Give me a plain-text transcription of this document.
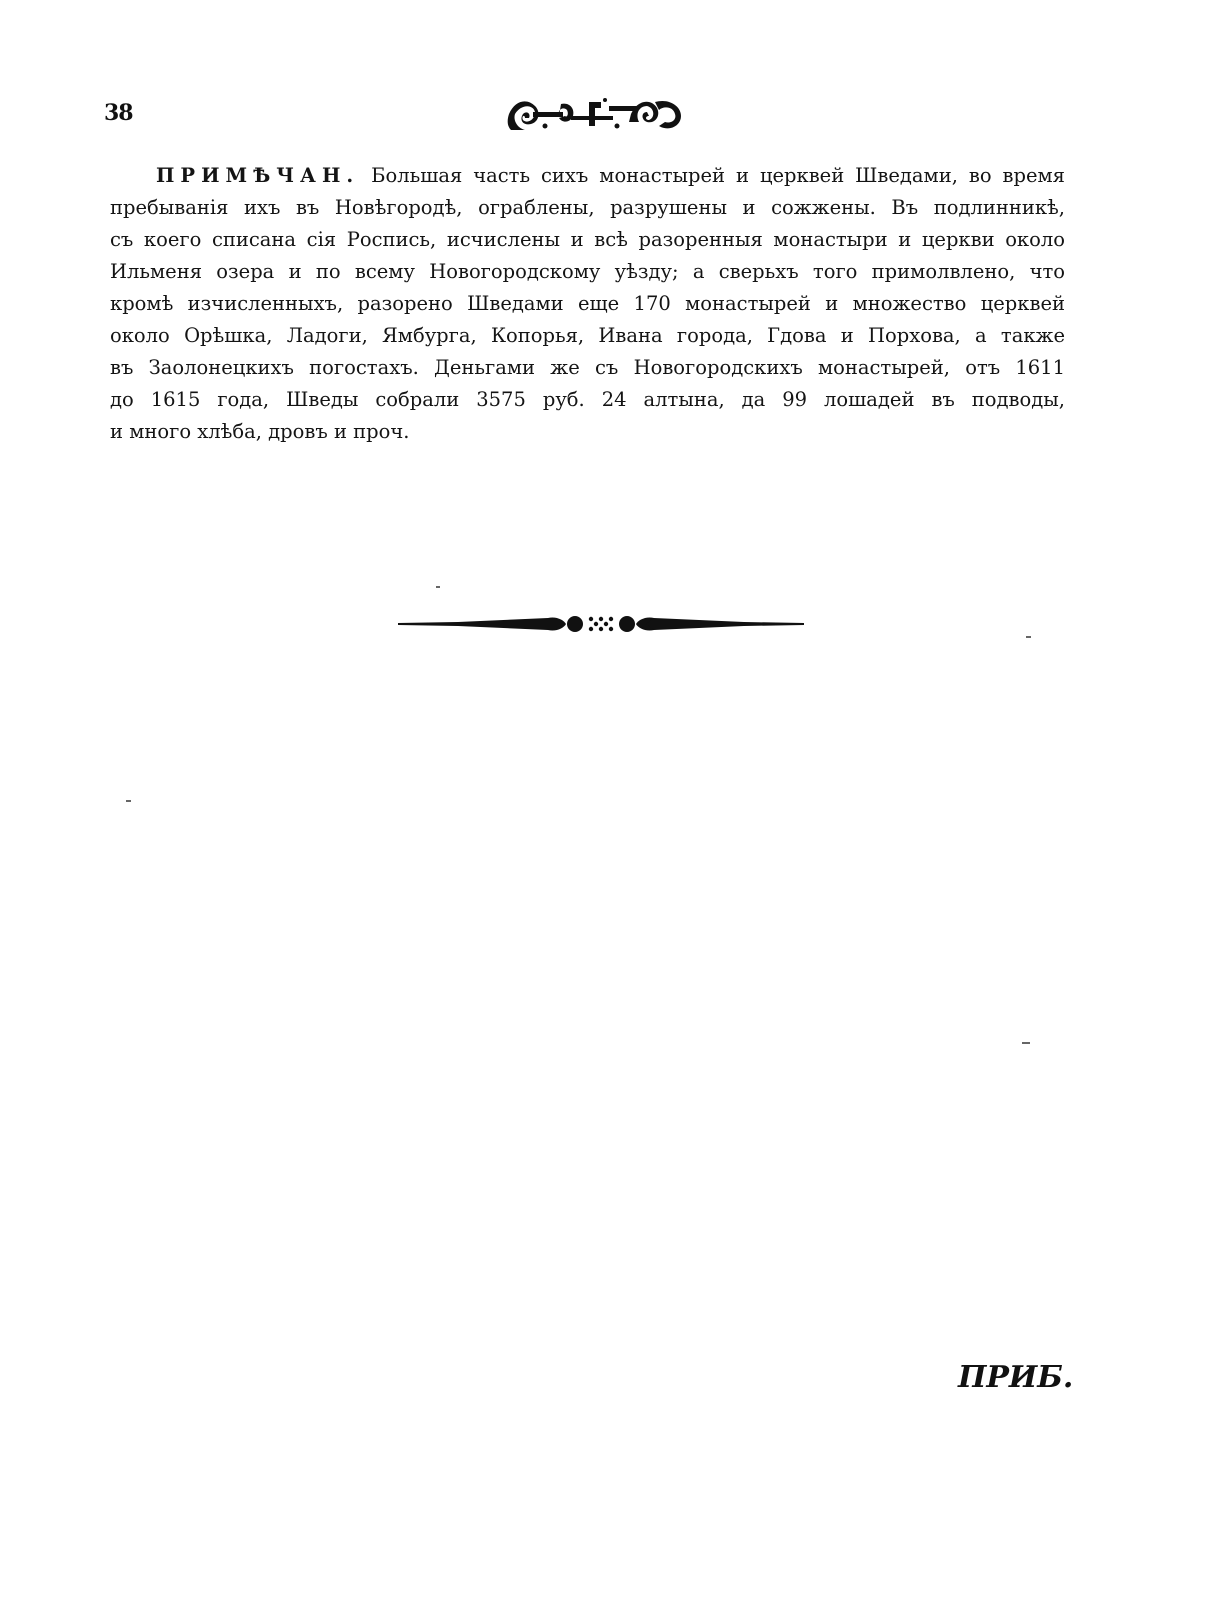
38
ПРИМѢЧАН. Большая часть сихъ монастырей и церквей Шведами, во время
пребыванiя ихъ въ Новѣгородѣ, ограблены, разрушены и сожжены. Въ подлинникѣ,
съ коего списана сiя Роспись, исчислены и всѣ разоренныя монастыри и церкви около
Ильменя озера и по всему Новогородскому уѣзду; а сверьхъ того примолвлено, что
кромѣ изчисленныхъ, разорено Шведами еще 170 монастырей и множество церквей
около Орѣшка, Ладоги, Ямбурга, Копорья, Ивана города, Гдова и Порхова, а также
въ Заолонецкихъ погостахъ. Деньгами же съ Новогородскихъ монастырей, отъ 1611
до 1615 года, Шведы собрали 3575 руб. 24 алтына, да 99 лошадей въ подводы,
и много хлѣба, дровъ и проч.
ПРИБ.
